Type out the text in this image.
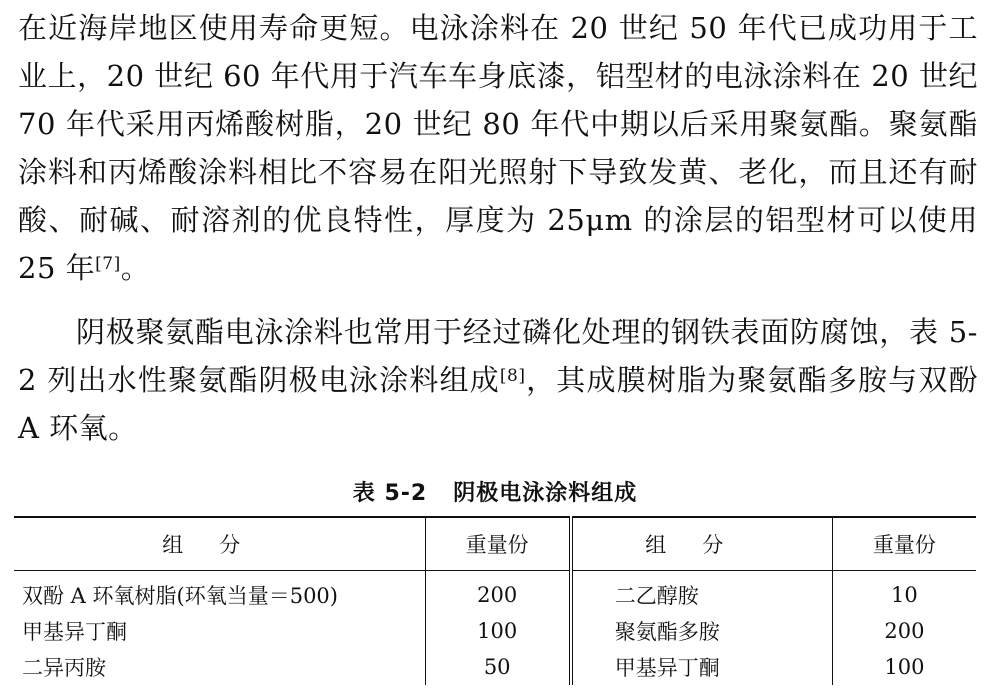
在近海岸地区使用寿命更短。电泳涂料在 20 世纪 50 年代已成功用于工业上，20 世纪 60 年代用于汽车车身底漆，铝型材的电泳涂料在 20 世纪 70 年代采用丙烯酸树脂，20 世纪 80 年代中期以后采用聚氨酯。聚氨酯涂料和丙烯酸涂料相比不容易在阳光照射下导致发黄、老化，而且还有耐酸、耐碱、耐溶剂的优良特性，厚度为 25μm 的涂层的铝型材可以使用 25 年[7]。

阴极聚氨酯电泳涂料也常用于经过磷化处理的钢铁表面防腐蚀，表 5-2 列出水性聚氨酯阴极电泳涂料组成[8]，其成膜树脂为聚氨酯多胺与双酚 A 环氧。

表 5-2 阴极电泳涂料组成
组分	重量份	组分	重量份
双酚 A 环氧树脂(环氧当量＝500)	200	二乙醇胺	10
甲基异丁酮	100	聚氨酯多胺	200
二异丙胺	50	甲基异丁酮	100
